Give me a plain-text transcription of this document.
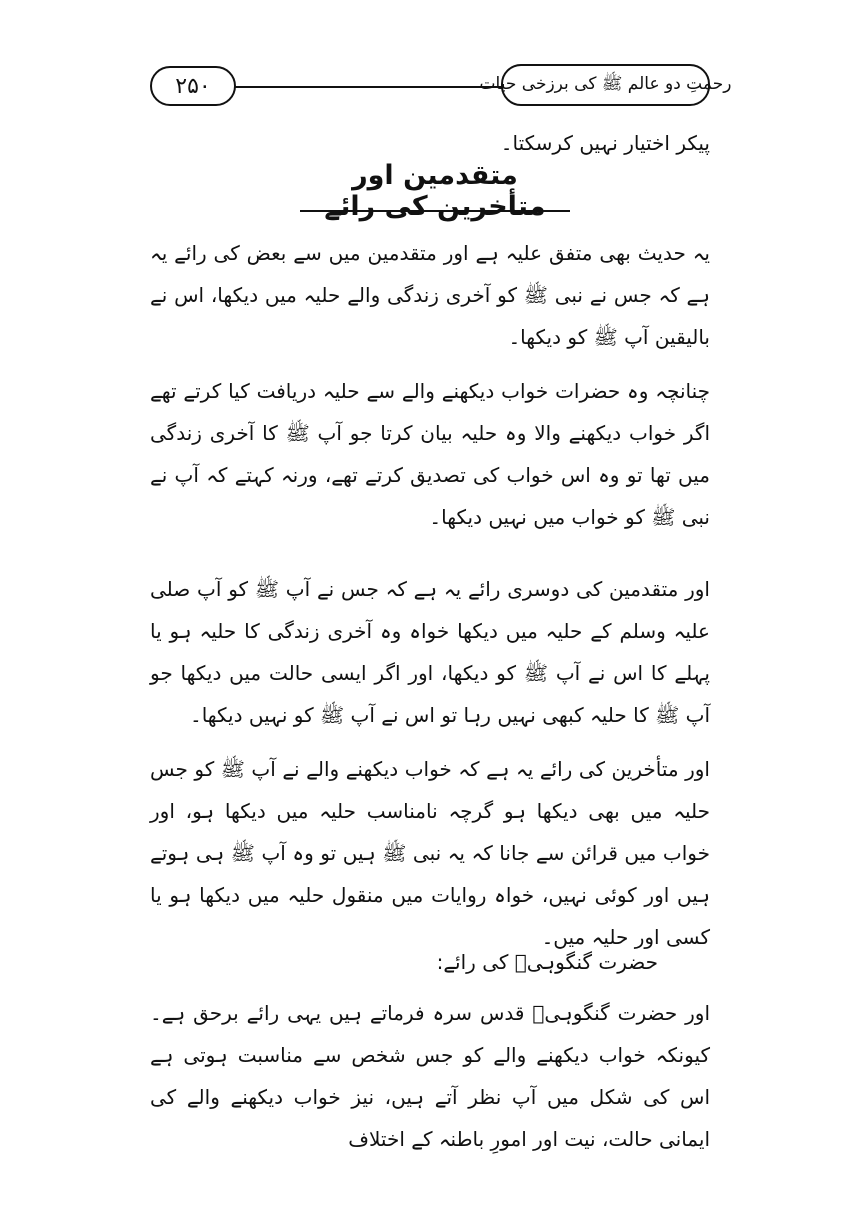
۲۵۰	رحمتِ دو عالم ﷺ کی برزخی حیات
پیکر اختیار نہیں کرسکتا۔
متقدمین اور متأخرین کی رائے
یہ حدیث بھی متفق علیہ ہے اور متقدمین میں سے بعض کی رائے یہ ہے کہ جس نے نبی ﷺ کو آخری زندگی والے حلیہ میں دیکھا، اس نے بالیقین آپ ﷺ کو دیکھا۔
چنانچہ وہ حضرات خواب دیکھنے والے سے حلیہ دریافت کیا کرتے تھے اگر خواب دیکھنے والا وہ حلیہ بیان کرتا جو آپ ﷺ کا آخری زندگی میں تھا تو وہ اس خواب کی تصدیق کرتے تھے، ورنہ کہتے کہ آپ نے نبی ﷺ کو خواب میں نہیں دیکھا۔
اور متقدمین کی دوسری رائے یہ ہے کہ جس نے آپ ﷺ کو آپ صلی علیہ وسلم کے حلیہ میں دیکھا خواہ وہ آخری زندگی کا حلیہ ہو یا پہلے کا اس نے آپ ﷺ کو دیکھا، اور اگر ایسی حالت میں دیکھا جو آپ ﷺ کا حلیہ کبھی نہیں رہا تو اس نے آپ ﷺ کو نہیں دیکھا۔
اور متأخرین کی رائے یہ ہے کہ خواب دیکھنے والے نے آپ ﷺ کو جس حلیہ میں بھی دیکھا ہو گرچہ نامناسب حلیہ میں دیکھا ہو، اور خواب میں قرائن سے جانا کہ یہ نبی ﷺ ہیں تو وہ آپ ﷺ ہی ہوتے ہیں اور کوئی نہیں، خواہ روایات میں منقول حلیہ میں دیکھا ہو یا کسی اور حلیہ میں۔
حضرت گنگوہیؒ کی رائے:
اور حضرت گنگوہیؒ قدس سرہ فرماتے ہیں یہی رائے برحق ہے۔ کیونکہ خواب دیکھنے والے کو جس شخص سے مناسبت ہوتی ہے اس کی شکل میں آپ نظر آتے ہیں، نیز خواب دیکھنے والے کی ایمانی حالت، نیت اور امورِ باطنہ کے اختلاف
